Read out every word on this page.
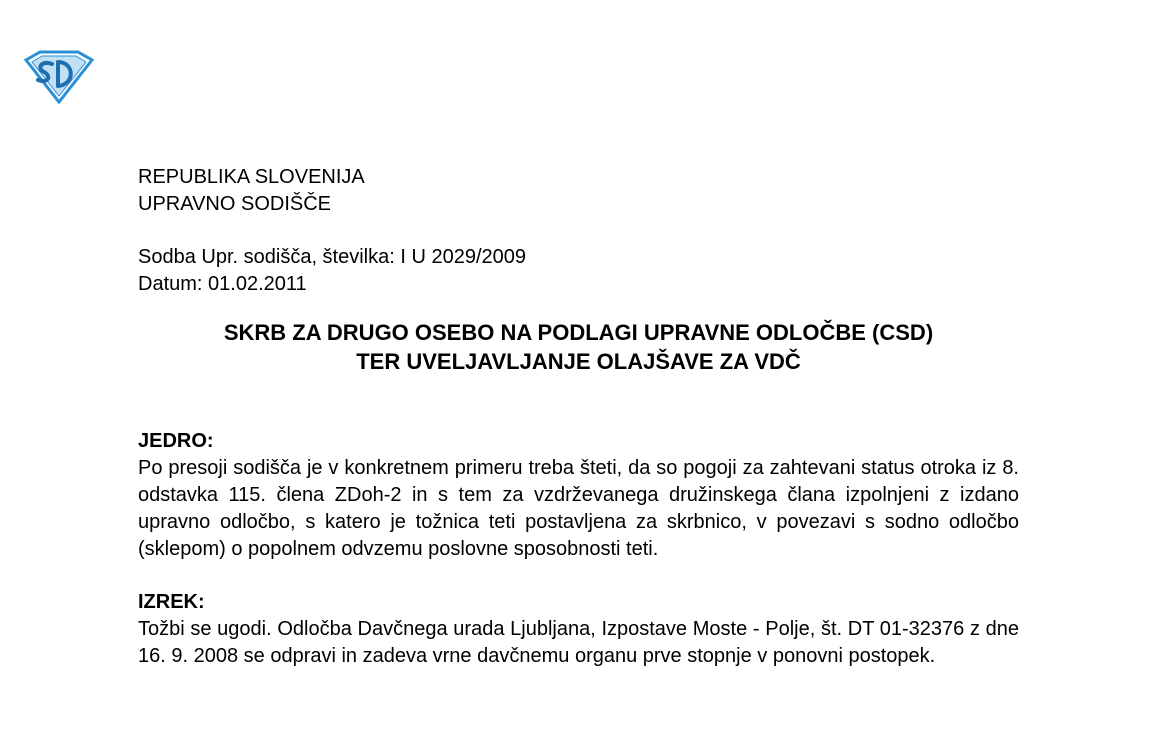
REPUBLIKA SLOVENIJA
UPRAVNO SODIŠČE
Sodba Upr. sodišča, številka: I U 2029/2009
Datum: 01.02.2011
SKRB ZA DRUGO OSEBO NA PODLAGI UPRAVNE ODLOČBE (CSD)
TER UVELJAVLJANJE OLAJŠAVE ZA VDČ
JEDRO:

Po presoji sodišča je v konkretnem primeru treba šteti, da so pogoji za zahtevani status otroka iz 8. odstavka 115. člena ZDoh-2 in s tem za vzdrževanega družinskega člana izpolnjeni z izdano upravno odločbo, s katero je tožnica teti postavljena za skrbnico, v povezavi s sodno odločbo (sklepom) o popolnem odvzemu poslovne sposobnosti teti.

IZREK:

Tožbi se ugodi. Odločba Davčnega urada Ljubljana, Izpostave Moste - Polje, št. DT 01-32376 z dne 16. 9. 2008 se odpravi in zadeva vrne davčnemu organu prve stopnje v ponovni postopek.
